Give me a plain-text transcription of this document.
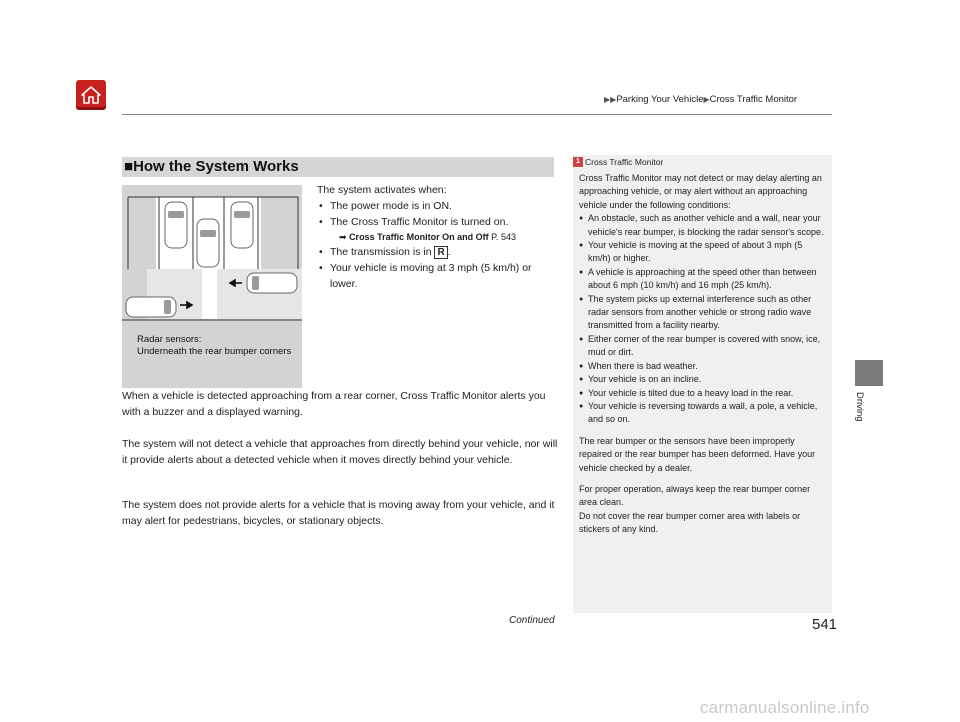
▶▶Parking Your Vehicle▶Cross Traffic Monitor
Driving
■How the System Works
Radar sensors:
Underneath the rear bumper corners
The system activates when:
• The power mode is in ON.
• The Cross Traffic Monitor is turned on.
➡︎ Cross Traffic Monitor On and Off P. 543
• The transmission is in R .
• Your vehicle is moving at 3 mph (5 km/h) or lower.

When a vehicle is detected approaching from a rear corner, Cross Traffic Monitor alerts you with a buzzer and a displayed warning.

The system will not detect a vehicle that approaches from directly behind your vehicle, nor will it provide alerts about a detected vehicle when it moves directly behind your vehicle.

The system does not provide alerts for a vehicle that is moving away from your vehicle, and it may alert for pedestrians, bicycles, or stationary objects.

1 Cross Traffic Monitor

Cross Traffic Monitor may not detect or may delay alerting an approaching vehicle, or may alert without an approaching vehicle under the following conditions:

● An obstacle, such as another vehicle and a wall, near your vehicle's rear bumper, is blocking the radar sensor's scope.
● Your vehicle is moving at the speed of about 3 mph (5 km/h) or higher.
● A vehicle is approaching at the speed other than between about 6 mph (10 km/h) and 16 mph (25 km/h).
● The system picks up external interference such as other radar sensors from another vehicle or strong radio wave transmitted from a facility nearby.
● Either corner of the rear bumper is covered with snow, ice, mud or dirt.
● When there is bad weather.
● Your vehicle is on an incline.
● Your vehicle is tilted due to a heavy load in the rear.
● Your vehicle is reversing towards a wall, a pole, a vehicle, and so on.

The rear bumper or the sensors have been improperly repaired or the rear bumper has been deformed. Have your vehicle checked by a dealer.

For proper operation, always keep the rear bumper corner area clean.

Do not cover the rear bumper corner area with labels or stickers of any kind.

Continued	541
carmanualsonline.info
